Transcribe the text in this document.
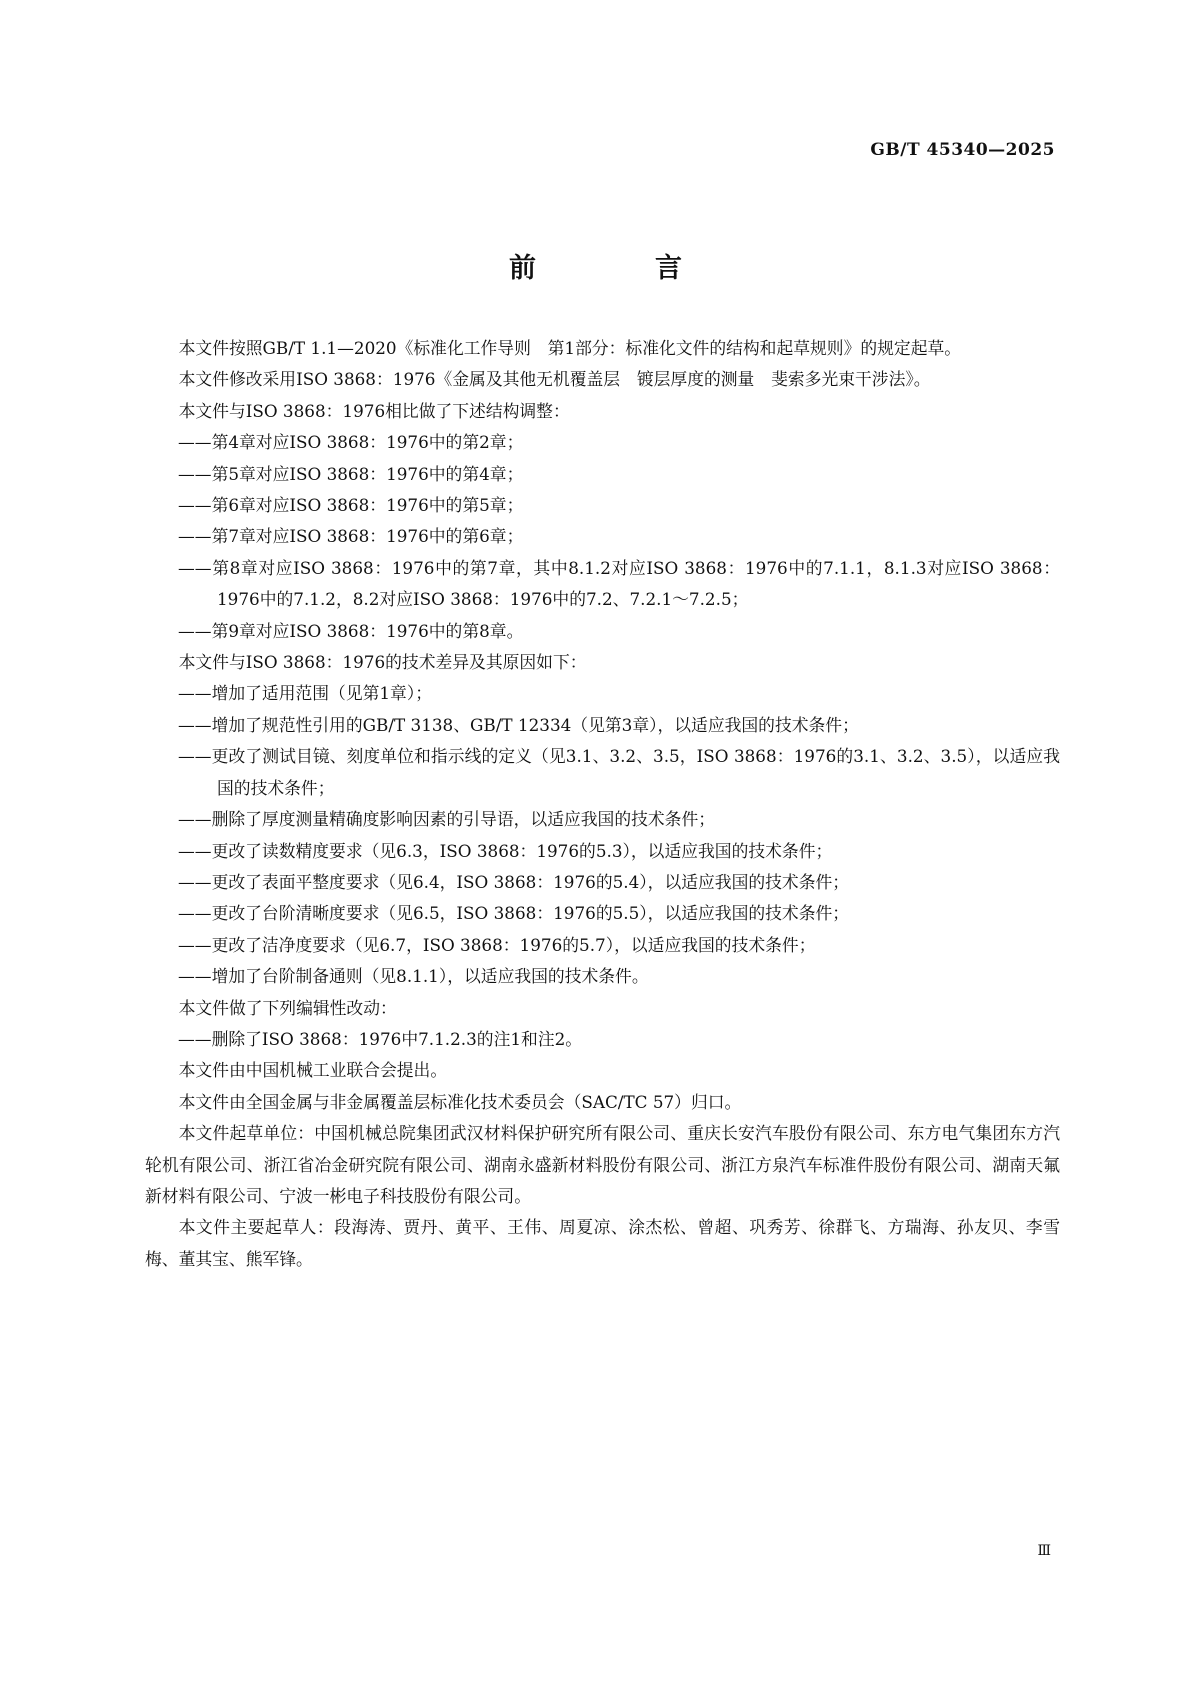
GB/T 45340—2025
前　言

本文件按照GB/T 1.1—2020《标准化工作导则　第1部分：标准化文件的结构和起草规则》的规定起草。

本文件修改采用ISO 3868：1976《金属及其他无机覆盖层　镀层厚度的测量　斐索多光束干涉法》。

本文件与ISO 3868：1976相比做了下述结构调整：

——第4章对应ISO 3868：1976中的第2章；

——第5章对应ISO 3868：1976中的第4章；

——第6章对应ISO 3868：1976中的第5章；

——第7章对应ISO 3868：1976中的第6章；

——第8章对应ISO 3868：1976中的第7章，其中8.1.2对应ISO 3868：1976中的7.1.1，8.1.3对应ISO 3868：1976中的7.1.2，8.2对应ISO 3868：1976中的7.2、7.2.1～7.2.5；

——第9章对应ISO 3868：1976中的第8章。

本文件与ISO 3868：1976的技术差异及其原因如下：

——增加了适用范围（见第1章）；

——增加了规范性引用的GB/T 3138、GB/T 12334（见第3章），以适应我国的技术条件；

——更改了测试目镜、刻度单位和指示线的定义（见3.1、3.2、3.5，ISO 3868：1976的3.1、3.2、3.5），以适应我国的技术条件；

——删除了厚度测量精确度影响因素的引导语，以适应我国的技术条件；

——更改了读数精度要求（见6.3，ISO 3868：1976的5.3），以适应我国的技术条件；

——更改了表面平整度要求（见6.4，ISO 3868：1976的5.4），以适应我国的技术条件；

——更改了台阶清晰度要求（见6.5，ISO 3868：1976的5.5），以适应我国的技术条件；

——更改了洁净度要求（见6.7，ISO 3868：1976的5.7），以适应我国的技术条件；

——增加了台阶制备通则（见8.1.1），以适应我国的技术条件。

本文件做了下列编辑性改动：

——删除了ISO 3868：1976中7.1.2.3的注1和注2。

本文件由中国机械工业联合会提出。

本文件由全国金属与非金属覆盖层标准化技术委员会（SAC/TC 57）归口。

本文件起草单位：中国机械总院集团武汉材料保护研究所有限公司、重庆长安汽车股份有限公司、东方电气集团东方汽轮机有限公司、浙江省冶金研究院有限公司、湖南永盛新材料股份有限公司、浙江方泉汽车标准件股份有限公司、湖南天氟新材料有限公司、宁波一彬电子科技股份有限公司。

本文件主要起草人：段海涛、贾丹、黄平、王伟、周夏凉、涂杰松、曾超、巩秀芳、徐群飞、方瑞海、孙友贝、李雪梅、董其宝、熊军锋。

Ⅲ
